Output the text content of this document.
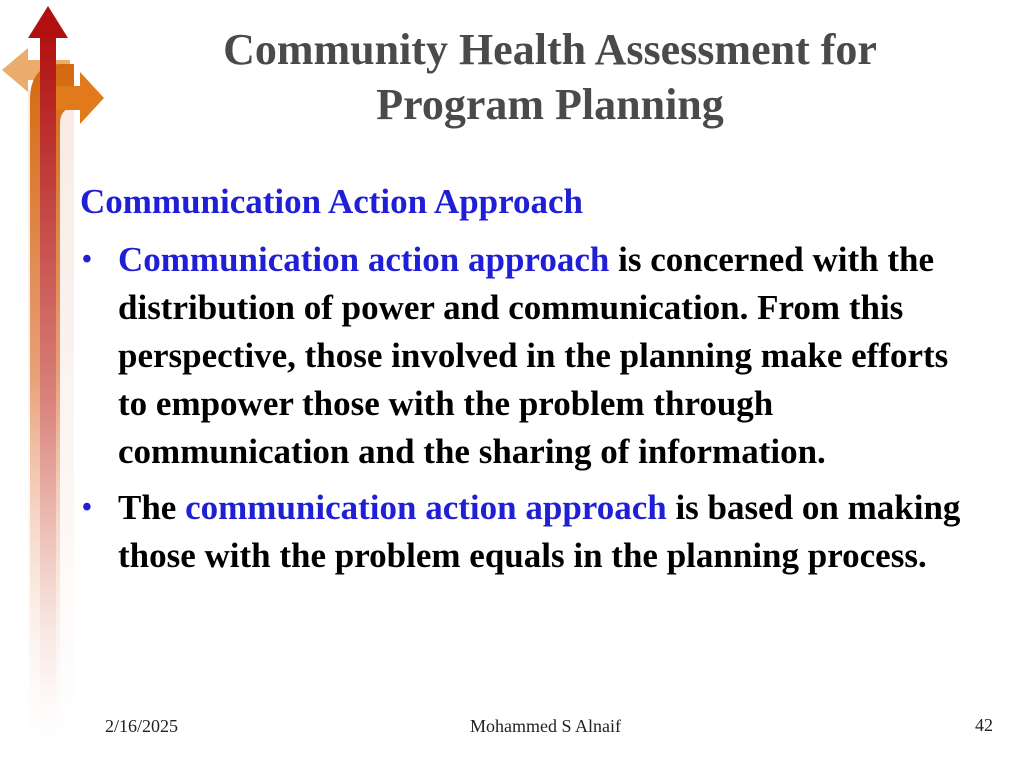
Community Health Assessment for
Program Planning
Communication Action Approach
• Communication action approach is concerned with the distribution of power and communication. From this perspective, those involved in the planning make efforts to empower those with the problem through communication and the sharing of information.
• The communication action approach is based on making those with the problem equals in the planning process.
2/16/2025	Mohammed S Alnaif	42
